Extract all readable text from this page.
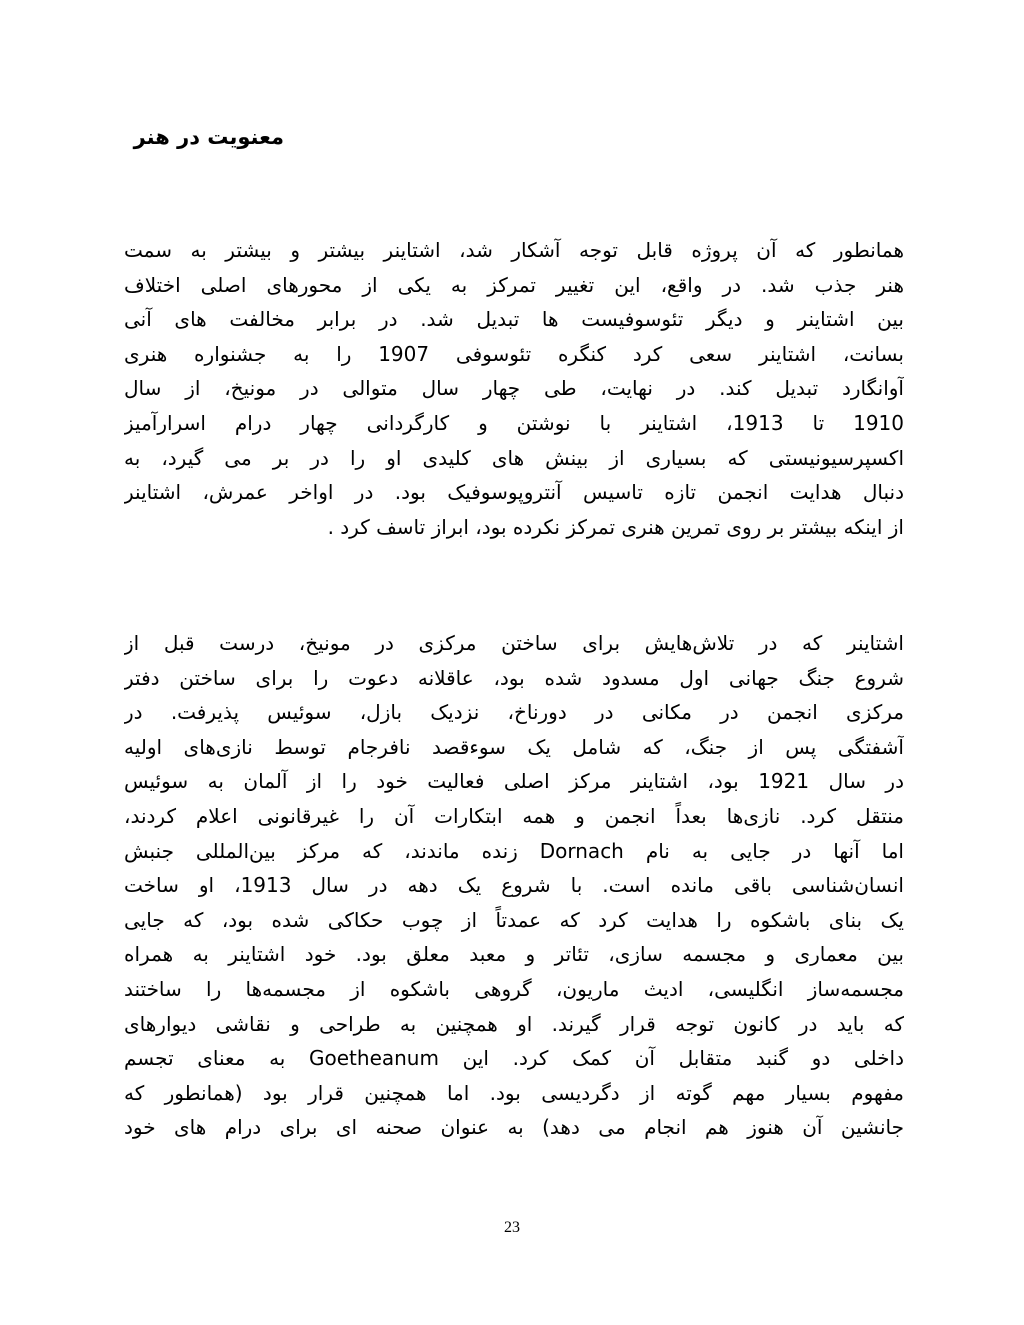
معنویت در هنر
همانطور که آن پروژه قابل توجه آشکار شد، اشتاینر بیشتر و بیشتر به سمت
هنر جذب شد. در واقع، این تغییر تمرکز به یکی از محورهای اصلی اختلاف
بین اشتاینر و دیگر تئوسوفیست ها تبدیل شد. در برابر مخالفت های آنی
بسانت، اشتاینر سعی کرد کنگره تئوسوفی 1907 را به جشنواره هنری
آوانگارد تبدیل کند. در نهایت، طی چهار سال متوالی در مونیخ، از سال
1910 تا 1913، اشتاینر با نوشتن و کارگردانی چهار درام اسرارآمیز
اکسپرسیونیستی که بسیاری از بینش های کلیدی او را در بر می گیرد، به
دنبال هدایت انجمن تازه تاسیس آنتروپوسوفیک بود. در اواخر عمرش، اشتاینر
از اینکه بیشتر بر روی تمرین هنری تمرکز نکرده بود، ابراز تاسف کرد .
اشتاینر که در تلاش‌هایش برای ساختن مرکزی در مونیخ، درست قبل از
شروع جنگ جهانی اول مسدود شده بود، عاقلانه دعوت را برای ساختن دفتر
مرکزی انجمن در مکانی در دورناخ، نزدیک بازل، سوئیس پذیرفت. در
آشفتگی پس از جنگ، که شامل یک سوءقصد نافرجام توسط نازی‌های اولیه
در سال 1921 بود، اشتاینر مرکز اصلی فعالیت خود را از آلمان به سوئیس
منتقل کرد. نازی‌ها بعداً انجمن و همه ابتکارات آن را غیرقانونی اعلام کردند،
اما آنها در جایی به نام Dornach زنده ماندند، که مرکز بین‌المللی جنبش
انسان‌شناسی باقی مانده است. با شروع یک دهه در سال 1913، او ساخت
یک بنای باشکوه را هدایت کرد که عمدتاً از چوب حکاکی شده بود، که جایی
بین معماری و مجسمه سازی، تئاتر و معبد معلق بود. خود اشتاینر به همراه
مجسمه‌ساز انگلیسی، ادیث ماریون، گروهی باشکوه از مجسمه‌ها را ساختند
که باید در کانون توجه قرار گیرند. او همچنین به طراحی و نقاشی دیوارهای
داخلی دو گنبد متقابل آن کمک کرد. این Goetheanum به معنای تجسم
مفهوم بسیار مهم گوته از دگردیسی بود. اما همچنین قرار بود (همانطور که
جانشین آن هنوز هم انجام می دهد) به عنوان صحنه ای برای درام های خود
23
